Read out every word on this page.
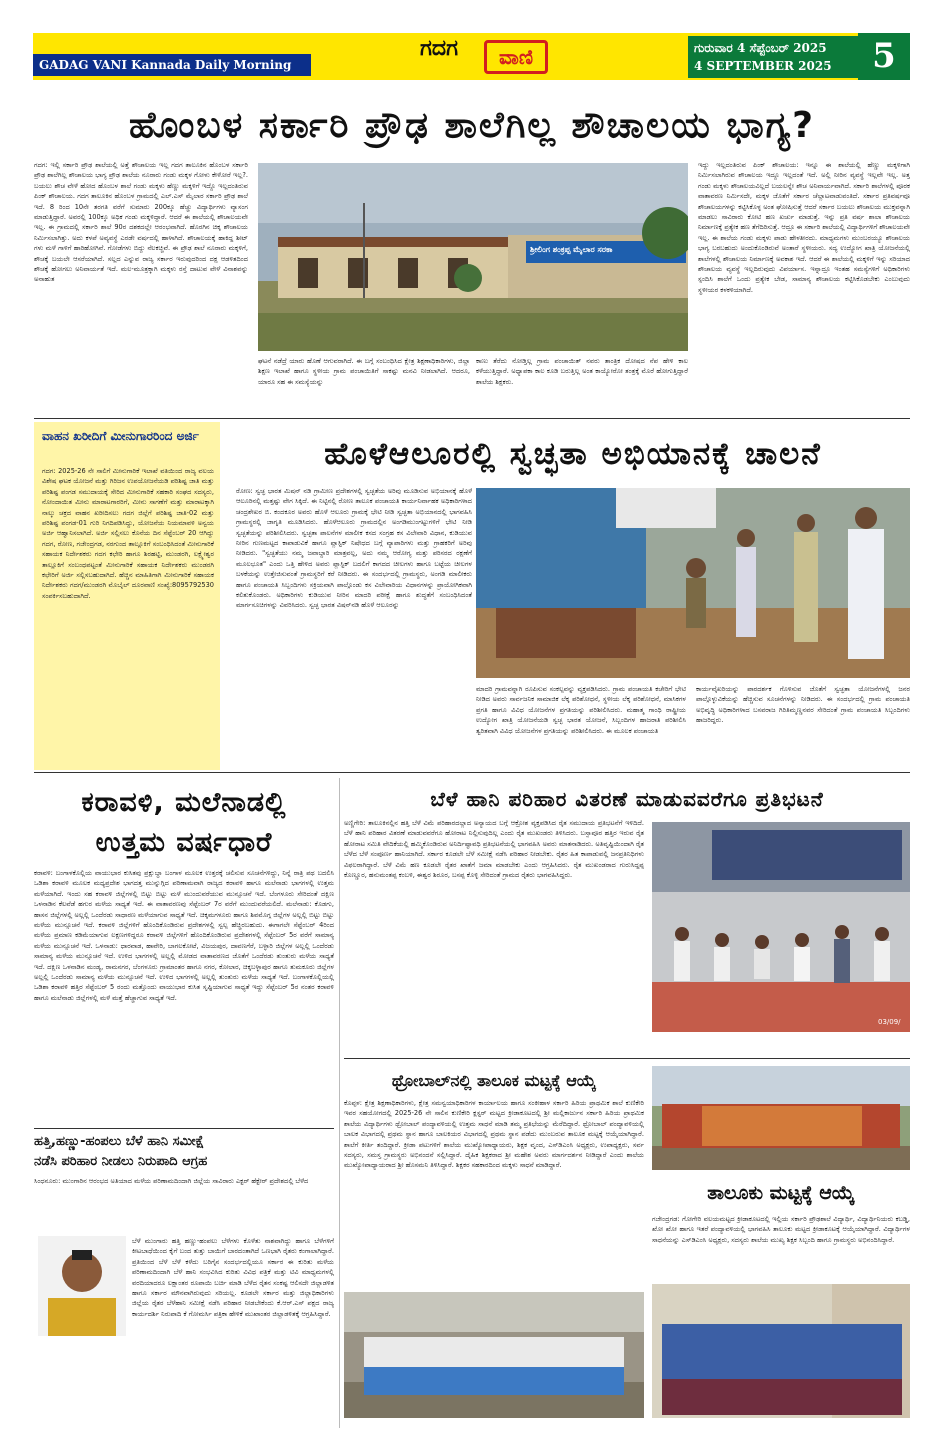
GADAG VANI Kannada Daily Morning
ಗದಗ	ವಾಣಿ	ಗುರುವಾರ 4 ಸೆಪ್ಟೆಂಬರ್ 2025
4 SEPTEMBER 2025	5
ಹೊಂಬಳ ಸರ್ಕಾರಿ ಪ್ರೌಢ ಶಾಲೆಗಿಲ್ಲ ಶೌಚಾಲಯ ಭಾಗ್ಯ?
ಗದಗ: ಇಲ್ಲಿ ಸರ್ಕಾರಿ ಪ್ರೌಢ ಶಾಲೆಯಲ್ಲಿ ಅತ್ತೆ ಶೌಚಾಲಯ ಇಲ್ಲ ಗದಗ ತಾಲೂಕಿನ ಹೊಂಬಳ ಸರ್ಕಾರಿ ಪ್ರೌಢ ಶಾಲೆಗಿಲ್ಲ ಶೌಚಾಲಯ ಭಾಗ್ಯ ಪ್ರೌಢ ಶಾಲೆಯ ನೂರಾರು ಗಂಡು ಮಕ್ಕಳ ಗೋಳು ಕೇಳೋರೆ ಇಲ್ಲ?. ಬಯಲು ಶೌಚ ವೇಳೆ ಹೋದ ಹೊಂಬಳ ಶಾಲೆ ಗಂಡು ಮಕ್ಕಳು ಹೆಣ್ಣು ಮಕ್ಕಳಿಗೆ ಇದ್ದೊ ಇಲ್ಲದಂತಿರುವ ಪಿಂಕ್ ಶೌಚಾಲಯ. ಗದಗ ತಾಲೂಕಿನ ಹೊಂಬಳ ಗ್ರಾಮದಲ್ಲಿ ಎಲ್.ಎಸ್ ಮೈಲಾರ ಸರ್ಕಾರಿ ಪ್ರೌಢ ಶಾಲೆ ಇದೆ. 8 ರಿಂದ 10ನೇ ತರಗತಿ ವರೆಗೆ ಸುಮಾರು 200ಕ್ಕೂ ಹೆಚ್ಚು ವಿದ್ಯಾರ್ಥಿಗಳು ವ್ಯಾಸಂಗ ಮಾಡುತ್ತಿದ್ದಾರೆ. ಅವರಲ್ಲಿ 100ಕ್ಕೂ ಅಧಿಕ ಗಂಡು ಮಕ್ಕಳಿದ್ದಾರೆ. ಆದರೆ ಈ ಶಾಲೆಯಲ್ಲಿ ಶೌಚಾಲಯವೇ ಇಲ್ಲ. ಈ ಗ್ರಾಮದಲ್ಲಿ ಸರ್ಕಾರಿ ಶಾಲೆ 90ರ ದಶಕದಲ್ಲೇ ಆರಂಭವಾಗಿದೆ. ಹೊರಗಿನ ಚಿಕ್ಕ ಶೌಚಾಲಯ ನಿರ್ಮಿಸಲಾಗಿತ್ತು. ಅದು ಕಳಪೆ ಅವ್ಯವಸ್ಥೆ ಎರಡೇ ವರ್ಷದಲ್ಲಿ ಹಾಳಾಗಿದೆ. ಶೌಚಾಲಯಕ್ಕೆ ಹಾಕಿದ್ದ ಶೀಟ್ ಗಳು ಮಳೆ ಗಾಳಿಗೆ ಹಾರಿಹೋಗಿವೆ. ಗೋಡೆಗಳು ಬಿದ್ದು ನೆಲಕಚ್ಚಿವೆ. ಈ ಪ್ರೌಢ ಶಾಲೆ ನೂರಾರು ಮಕ್ಕಳಿಗೆ, ಶೌಚಕ್ಕೆ ಬಯಲೇ ಆಸರೆಯಾಗಿದೆ. ಸಲ್ಲದ ಎನ್ನುವ ರಾಜ್ಯ ಸರ್ಕಾರ ಇರುವುದರಿಂದ ದಕ್ಷ ಆಡಳಿತದಿಂದ ಶೌಚಕ್ಕೆ ಹೋಗಲು ಅನಿವಾರ್ಯತೆ ಇದೆ. ಮಲ-ಮೂತ್ರಕ್ಕಾಗಿ ಮಕ್ಕಳು ರಸ್ತೆ ದಾಟುವ ವೇಳೆ ವಿನಾಶವನ್ನು ಅನಾಹುತ
ಶ್ರೀಲಿಂಗ ಶಂಕ್ರಪ್ಪ ಮೈಲಾರ ಸರಕಾ
ಘಟನೆ ನಡೆದ್ರೆ ಯಾರು ಹೊಣೆ ಆಗುವರಾಗಿದೆ. ಈ ಬಗ್ಗೆ ಸಂಬಂಧಿಸಿದ ಕ್ಷೇತ್ರ ಶಿಕ್ಷಣಾಧಿಕಾರಿಗಳು, ಜಿಲ್ಲಾ ಶಿಕ್ಷಣ ಇಲಾಖೆ ಹಾಗೂ ಸ್ಥಳೀಯ ಗ್ರಾಮ ಪಂಚಾಯಿತಿಗೆ ಸಾಕಷ್ಟು ಮನವಿ ನೀಡಲಾಗಿದೆ. ಆದರೂ, ಯಾರೂ ಸಹ ಈ ಸಮಸ್ಯೆಯನ್ನು
ಕಾಣು ತೆರೆದು ನೋಡ್ತಿಲ್ಲ ಗ್ರಾಮ ಪಂಚಾಯಿತ್ ನವರು ತಾಂತ್ರಿಕ ದೋಷದ ನೆಪ ಹೇಳಿ ಕಾಲ ಕಳೆಯುತ್ತಿದ್ದಾರೆ. ಅಧ್ಯಾಪಕಾ ಕಾಲ ಕೂಡಿ ಬರುತ್ತಿಲ್ಲ ಅಂತ ಕಾಯ್ಯೋರೋ ತಂತ್ರಕ್ಕೆ ಮೊರೆ ಹೋಗುತ್ತಿದ್ದಾರೆ ಶಾಲೆಯ ಶಿಕ್ಷಕರು.
ಇದ್ದು ಇಲ್ಲದಂತಿರುವ ಪಿಂಕ್ ಶೌಚಾಲಯ: ಇನ್ನೂ ಈ ಶಾಲೆಯಲ್ಲಿ ಹೆಣ್ಣು ಮಕ್ಕಳಿಗಾಗಿ ನಿರ್ಮಿಸಲಾಗಿರುವ ಶೌಚಾಲಯ ಇದ್ದೂ ಇಲ್ಲದಂತೆ ಇದೆ. ಅಲ್ಲಿ ನೀರಿನ ವ್ಯವಸ್ಥೆ ಇಲ್ಲವೇ ಇಲ್ಲ. ಅತ್ತ ಗಂಡು ಮಕ್ಕಳು ಶೌಚಾಲಯವಿಲ್ಲದೆ ಬಯಲನ್ನೇ ಶೌಚ ಅನಿವಾರ್ಯವಾಗಿದೆ. ಸರ್ಕಾರಿ ಶಾಲೆಗಳಲ್ಲಿ ಪೂರಕ ವಾತಾವರಣ ನಿರ್ಮಿಸದೇ, ಮಕ್ಕಳ ಜೊತೆಗೆ ಸರ್ಕಾರ ಚೆಲ್ಲಾಟವಾಡುವಂತಿದೆ. ಸರ್ಕಾರ ಪ್ರತಿವರ್ಷವೂ ಶೌಚಾಲಯಗಳನ್ನು ಕಟ್ಟಿಸಿಕೊಳ್ಳ ಅಂತ ಘೋಷಿಸುತ್ತೆ ಆದರೆ ಸರ್ಕಾರ ಬಯಲು ಶೌಚಾಲಯ ಮುಕ್ತವನ್ನಾಗಿ ಮಾಡಲು ಸಾವಿರಾರು ಕೋಟಿ ಹಣ ಖರ್ಚು ಮಾಡುತ್ತೆ. ಇನ್ನು ಪ್ರತಿ ವರ್ಷ ಶಾಲಾ ಶೌಚಾಲಯ ನಿರ್ಮಾಣಕ್ಕೆ ಪ್ರತ್ಯೇಕ ಹಣ ತೆಗೆದಿರಿಸುತ್ತೆ. ಆದ್ರೂ ಈ ಸರ್ಕಾರಿ ಶಾಲೆಯಲ್ಲಿ ವಿದ್ಯಾರ್ಥಿಗಳಿಗೆ ಶೌಚಾಲಯವೇ ಇಲ್ಲ. ಈ ಶಾಲೆಯ ಗಂಡು ಮಕ್ಕಳು ಪಾಡು ಹೇಳತೀರದು. ಮಾಧ್ಯಮಗಳು ಮುಂಬರಯ್ಯೂ ಶೌಚಾಲಯ ಭಾಗ್ಯ ಬರಬಹುದು ಅಂದುಕೊಂಡಿರುವೆ ಅಂತಾರೆ ಸ್ಥಳೀಯರು. ಸದ್ಯ ಉದ್ಯೋಗ ಖಾತ್ರಿ ಯೋಜನೆಯಲ್ಲಿ ಶಾಲೆಗಳಲ್ಲಿ ಶೌಚಾಲಯ ನಿರ್ಮಾಣಕ್ಕೆ ಅವಕಾಶ ಇದೆ. ಆದರೆ ಈ ಶಾಲೆಯಲ್ಲಿ ಮಕ್ಕಳಿಗೆ ಇನ್ನು ಸರಿಯಾದ ಶೌಚಾಲಯ ವ್ಯವಸ್ಥೆ ಇಲ್ಲದಿರುವುದು ವಿಪರ್ಯಾಸ. ಇನ್ನಾದ್ರೂ ಇಂತಹ ಸಮಸ್ಯೆಗಳಿಗೆ ಅಧಿಕಾರಿಗಳು ಸ್ಪಂದಿಸಿ ಶಾಲೆಗೆ ಒಂದು ಪ್ರತ್ಯೇಕ ಬೇಡ, ಸಾಮಾನ್ಯ ಶೌಚಾಲಯ ಕಟ್ಟಿಸಿಕೊಡಬೇಕು ಎಂಬುವುದು ಸ್ಥಳೀಯರ ಕಳಕಳಿಯಾಗಿದೆ.
ವಾಹನ ಖರೀದಿಗೆ ಮೀನುಗಾರರಿಂದ ಅರ್ಜಿ
ಗದಗ: 2025-26 ನೇ ಸಾಲಿಗೆ ಮೀನುಗಾರಿಕೆ ಇಲಾಖೆ ವತಿಯಿಂದ ರಾಜ್ಯ ವಲಯ ವಿಶೇಷ ಘಟಕ ಯೋಜನೆ ಮತ್ತು ಗಿರಿಜನ ಉಪಯೋಜನೆಯಡಿ ಪರಿಶಿಷ್ಟ ಜಾತಿ ಮತ್ತು ಪರಿಶಿಷ್ಟ ಪಂಗಡ ಸಮುದಾಯಕ್ಕೆ ಸೇರಿದ ಮೀನುಗಾರಿಕೆ ಸಹಕಾರಿ ಸಂಘದ ಸದಸ್ಯರು, ನೋಂದಾಯಿತ ಮೀನು ಮಾರಾಟಗಾರರಿಗೆ, ಮೀನು ಸಾಗಣೆಗೆ ಮತ್ತು ಮಾರಾಟಕ್ಕಾಗಿ ನಾಲ್ಕು ಚಕ್ರದ ವಾಹನ ಖರೀದಿಸಲು ಗದಗ ಜಿಲ್ಲೆಗೆ ಪರಿಶಿಷ್ಟ ಜಾತಿ-02 ಮತ್ತು ಪರಿಶಿಷ್ಟ ಪಂಗಡ-01 ಗುರಿ ನಿಗದಿಪಡಿಸಿದ್ದು, ಯೋಜನೆಯ ನಿಯಮಾವಳಿ ಅನ್ವಯ ಅರ್ಜಿ ಆಹ್ವಾನಿಸಲಾಗಿದೆ. ಅರ್ಜಿ ಸಲ್ಲಿಸಲು ಕೊನೆಯ ದಿನ ಸೆಪ್ಟೆಂಬರ್ 20 ಆಗಿದ್ದು ಗದಗ, ರೋಣ, ಗಜೇಂದ್ರಗಡ, ನರಗುಂದ ತಾಲ್ಲೂಕಿಗೆ ಸಂಬಂಧಿಸಿದಂತೆ ಮೀನುಗಾರಿಕೆ ಸಹಾಯಕ ನಿರ್ದೇಶಕರು ಗದಗ ಕಛೇರಿ ಹಾಗೂ ಶಿರಹಟ್ಟಿ, ಮುಂಡರಗಿ, ಲಕ್ಷ್ಮೇಶ್ವರ ತಾಲ್ಲೂಕಿಗೆ ಸಂಬಂಧಪಟ್ಟಂತೆ ಮೀನುಗಾರಿಕೆ ಸಹಾಯಕ ನಿರ್ದೇಶಕರು ಮುಂಡರಗಿ ಕಛೇರಿಗೆ ಅರ್ಜಿ ಸಲ್ಲಿಸಬಹುದಾಗಿದೆ. ಹೆಚ್ಚಿನ ಮಾಹಿತಿಗಾಗಿ ಮೀನುಗಾರಿಕೆ ಸಹಾಯಕ ನಿರ್ದೇಶಕರು ಗದಗ/ಮುಂಡರಗಿ ಮೊಬೈಲ್ ದೂರವಾಣಿ ಸಂಖ್ಯೆ:8095792530 ಸಂಪರ್ಕಿಸಬಹುದಾಗಿದೆ.
ಹೊಳೆಆಲೂರಲ್ಲಿ ಸ್ವಚ್ಛತಾ ಅಭಿಯಾನಕ್ಕೆ ಚಾಲನೆ
ರೋಣ: ಸ್ವಚ್ಛ ಭಾರತ ಮಿಷನ್ ನಡಿ ಗ್ರಾಮೀಣ ಪ್ರದೇಶಗಳಲ್ಲಿ ಸ್ವಚ್ಛತೆಯ ಅರಿವು ಮೂಡಿಸುವ ಅಭಿಯಾನಕ್ಕೆ ಹೊಳೆ ಆಲೂರಿನಲ್ಲಿ ಮತ್ತಷ್ಟು ವೇಗ ಸಿಕ್ಕಿದೆ. ಈ ನಿಟ್ಟಿನಲ್ಲಿ ರೋಣ ತಾಲೂಕ ಪಂಚಾಯತಿ ಕಾರ್ಯನಿರ್ವಾಹಕ ಅಧಿಕಾರಿಗಳಾದ ಚಂದ್ರಶೇಖರ ಬಿ. ಕಂದಕೂರ ಅವರು ಹೊಳೆ ಆಲೂರು ಗ್ರಾಮಕ್ಕೆ ಭೇಟಿ ನೀಡಿ ಸ್ವಚ್ಛತಾ ಅಭಿಯಾನದಲ್ಲಿ ಭಾಗವಹಿಸಿ ಗ್ರಾಮಸ್ಥರಲ್ಲಿ ಜಾಗೃತಿ ಮೂಡಿಸಿದರು. ಹೊಳೆಆಲೂರು ಗ್ರಾಮದಲ್ಲಿನ ಅಂಗಡಿಮುಂಗಟ್ಟುಗಳಿಗೆ ಭೇಟಿ ನೀಡಿ ಸ್ವಚ್ಛತೆಯನ್ನು ಪರಿಶೀಲಿಸಿದರು. ಸ್ವಚ್ಛತಾ ಪಾಲನೆಗಳ ಮಾಲೀಕ ಕಸದ ಸಂಗ್ರಹ ಕಸ ವಿಲೇವಾರಿ ವಿಧಾನ, ಕುಡಿಯುವ ನೀರಿನ ಗುಣಮಟ್ಟದ ಕಾಪಾಡುವಿಕೆ ಹಾಗೂ ಪ್ಲಾಸ್ಟಿಕ್ ನಿಷೇಧದ ಬಗ್ಗೆ ವ್ಯಾಪಾರಿಗಳು ಮತ್ತು ಗ್ರಾಹಕರಿಗೆ ಅರಿವು ನೀಡಿದರು. "ಸ್ವಚ್ಛತೆಯು ನಮ್ಮ ಜವಾಬ್ದಾರಿ ಮಾತ್ರವಲ್ಲ, ಅದು ನಮ್ಮ ಆರೋಗ್ಯ ಮತ್ತು ಪರಿಸರದ ರಕ್ಷಣೆಗೆ ಮೂಲಭೂತ" ಎಂದು ಒತ್ತಿ ಹೇಳಿದ ಅವರು ಪ್ಲಾಸ್ಟಿಕ್ ಬದಲಿಗೆ ಕಾಗದದ ಚೀಲಗಳು ಹಾಗೂ ಬಟ್ಟೆಯ ಚೀಲಗಳ ಬಳಕೆಯನ್ನು ಉತ್ತೇಜಿಸುವಂತೆ ಗ್ರಾಮಸ್ಥರಿಗೆ ಕರೆ ನೀಡಿದರು. ಈ ಸಂದರ್ಭದಲ್ಲಿ ಗ್ರಾಮಸ್ಥರು, ಅಂಗಡಿ ಮಾಲೀಕರು ಹಾಗೂ ಪಂಚಾಯತಿ ಸಿಬ್ಬಂದಿಗಳು ಸಕ್ರಿಯವಾಗಿ ಪಾಲ್ಗೊಂಡು ಕಸ ವಿಲೇವಾರಿಯ ವಿಧಾನಗಳನ್ನು ಪ್ರಾಯೋಗಿಕವಾಗಿ ಕಲಿತುಕೊಂಡರು. ಅಧಿಕಾರಿಗಳು ಕುಡಿಯುವ ನೀರಿನ ಮಾದರಿ ಪರೀಕ್ಷೆ ಹಾಗೂ ಶುದ್ಧತೆಗೆ ಸಂಬಂಧಿಸಿದಂತೆ ಮಾರ್ಗಸೂಚಿಗಳನ್ನು ವಿವರಿಸಿದರು. ಸ್ವಚ್ಛ ಭಾರತ ವಿಷನ್‌ನಡಿ ಹೊಳೆ ಆಲೂರನ್ನು
ಮಾದರಿ ಗ್ರಾಮವನ್ನಾಗಿ ರೂಪಿಸುವ ಸಂಕಲ್ಪವನ್ನು ವ್ಯಕ್ತಪಡಿಸಿದರು. ಗ್ರಾಮ ಪಂಚಾಯತಿ ಕಚೇರಿಗೆ ಭೇಟಿ ನೀಡಿದ ಅವರು ಸಾರ್ವಜನಿಕ ಸಾಮಾಜಿಕ ಲೆಕ್ಕ ಪರಿಶೋಧನೆ, ಸ್ಥಳೀಯ ಲೆಕ್ಕ ಪರಿಶೋಧನೆ, ಮಾಸಿಕಗಳ ಪ್ರಗತಿ ಹಾಗೂ ವಿವಿಧ ಯೋಜನೆಗಳ ಪ್ರಗತಿಯನ್ನು ಪರಿಶೀಲಿಸಿದರು. ಮಹಾತ್ಮ ಗಾಂಧಿ ರಾಷ್ಟ್ರೀಯ ಉದ್ಯೋಗ ಖಾತ್ರಿ ಯೋಜನೆಯಡಿ ಸ್ವಚ್ಛ ಭಾರತ ಯೋಜನೆ, ಸಿಬ್ಬಂದಿಗಳ ಹಾಜರಾತಿ ಪರಿಶೀಲಿಸಿ ತ್ವರಿತವಾಗಿ ವಿವಿಧ ಯೋಜನೆಗಳ ಪ್ರಗತಿಯನ್ನು ಪರಿಶೀಲಿಸಿದರು. ಈ ಮೂಲಕ ಪಂಚಾಯತಿ
ಕಾರ್ಯವೈಖರಿಯನ್ನು ಪಾರದರ್ಶಕ ಗೊಳಿಸುವ ಜೊತೆಗೆ ಸ್ವಚ್ಛತಾ ಯೋಜನೆಗಳಲ್ಲಿ ಜನರ ಪಾಲ್ಗೊಳ್ಳುವಿಕೆಯನ್ನು ಹೆಚ್ಚಿಸುವ ಸೂಚನೆಗಳನ್ನು ನೀಡಿದರು. ಈ ಸಂದರ್ಭದಲ್ಲಿ ಗ್ರಾಮ ಪಂಚಾಯತಿ ಅಭಿವೃದ್ಧಿ ಅಧಿಕಾರಿಗಳಾದ ಬಸವರಾಜ ಗಿರಿತಿಮ್ಮಣ್ಣನವರ ಸೇರಿದಂತೆ ಗ್ರಾಮ ಪಂಚಾಯತಿ ಸಿಬ್ಬಂದಿಗಳು ಹಾಜರಿದ್ದರು.
ಕರಾವಳಿ, ಮಲೆನಾಡಲ್ಲಿ
ಉತ್ತಮ ವರ್ಷಧಾರೆ
ಕರಾವಳಿ: ಬಂಗಾಳಕೊಲ್ಲಿಯ ವಾಯುಭಾರ ಕುಸಿತವು ಪ್ರಕ್ಷುಬ್ಧಾ ಬಂಗಾಳ ಮೂಲಕ ಉತ್ತರಕ್ಕೆ ಚಲಿಸುವ ಸೂಚನೆಗಳಿದ್ದು, ನಿನ್ನೆ ರಾತ್ರಿ ಪಥ ಬದಲಿಸಿ ಒಡಿಶಾ ಕರಾವಳಿ ಮೂಲಕ ಮಧ್ಯಪ್ರದೇಶ ಭಾಗದತ್ತ ಮುನ್ನುಗ್ಗಿದ ಪರಿಣಾಮವಾಗಿ ರಾಜ್ಯದ ಕರಾವಳಿ ಹಾಗೂ ಮಲೆನಾಡು ಭಾಗಗಳಲ್ಲಿ ಉತ್ತಮ ಮಳೆಯಾಗಿದೆ. ಇಂದು ಸಹ ಕರಾವಳಿ ಜಿಲ್ಲೆಗಳಲ್ಲಿ ಬಿಟ್ಟು ಬಿಟ್ಟು ಮಳೆ ಮುಂದುವರೆಯುವ ಮುನ್ಸೂಚನೆ ಇದೆ. ಬೆಂಗಳೂರು ಸೇರಿದಂತೆ ದಕ್ಷಿಣ ಒಳನಾಡಿನ ಕೆಲವೆಡೆ ಹಗುರ ಮಳೆಯ ಸಾಧ್ಯತೆ ಇದೆ. ಈ ವಾತಾವರಣವು ಸೆಪ್ಟೆಂಬರ್ 7ರ ವರೆಗೆ ಮುಂದುವರೆಯಲಿದೆ. ಮಲೆನಾಡು: ಕೊಡಗು, ಹಾಸನ ಜಿಲ್ಲೆಗಳಲ್ಲಿ ಅಲ್ಲಲ್ಲಿ ಒಂದೆರಡು ಸಾಧಾರಣ ಮಳೆಯಾಗುವ ಸಾಧ್ಯತೆ ಇದೆ. ಚಿಕ್ಕಮಗಳೂರು ಹಾಗೂ ಶಿವಮೊಗ್ಗ ಜಿಲ್ಲೆಗಳ ಅಲ್ಲಲ್ಲಿ ಬಿಟ್ಟು ಬಿಟ್ಟು ಮಳೆಯ ಮುನ್ಸೂಚನೆ ಇದೆ. ಕರಾವಳಿ ಜಿಲ್ಲೆಗಳಿಗೆ ಹೊಂದಿಕೊಂಡಿರುವ ಪ್ರದೇಶಗಳಲ್ಲಿ ಸ್ವಲ್ಪ ಹೆಚ್ಚಿರಬಹುದು. ಈಗಾಗಲೇ ಸೆಪ್ಟೆಂಬರ್ 4ರಿಂದ ಮಳೆಯ ಪ್ರಮಾಣ ಕಡಿಮೆಯಾಗುವ ಲಕ್ಷಣಗಳಿದ್ದರೂ ಕರಾವಳಿ ಜಿಲ್ಲೆಗಳಿಗೆ ಹೊಂದಿಕೊಂಡಿರುವ ಪ್ರದೇಶಗಳಲ್ಲಿ ಸೆಪ್ಟೆಂಬರ್ 5ರ ವರೆಗೆ ಸಾಮಾನ್ಯ ಮಳೆಯ ಮುನ್ಸೂಚನೆ ಇದೆ. ಒಳನಾಡು: ಧಾರವಾಡ, ಹಾವೇರಿ, ಬಾಗಲಕೋಟೆ, ವಿಜಯಪುರ, ದಾವಣಗೆರೆ, ಬಳ್ಳಾರಿ ಜಿಲ್ಲೆಗಳ ಅಲ್ಲಲ್ಲಿ ಒಂದೆರಡು ಸಾಮಾನ್ಯ ಮಳೆಯ ಮುನ್ಸೂಚನೆ ಇದೆ. ಉಳಿದ ಭಾಗಗಳಲ್ಲಿ ಅಲ್ಲಲ್ಲಿ ಮೋಡದ ವಾತಾವರಣದ ಜೊತೆಗೆ ಒಂದೆರಡು ತುಂತುರು ಮಳೆಯ ಸಾಧ್ಯತೆ ಇದೆ. ದಕ್ಷಿಣ ಒಳನಾಡಿನ ಮಂಡ್ಯ, ರಾಮನಗರ, ಬೆಂಗಳೂರು ಗ್ರಾಮಾಂತರ ಹಾಗೂ ನಗರ, ಕೋಲಾರ, ಚಿಕ್ಕಬಳ್ಳಾಪುರ ಹಾಗೂ ತುಮಕೂರು ಜಿಲ್ಲೆಗಳ ಅಲ್ಲಲ್ಲಿ ಒಂದೆರಡು ಸಾಮಾನ್ಯ ಮಳೆಯ ಮುನ್ಸೂಚನೆ ಇದೆ. ಉಳಿದ ಭಾಗಗಳಲ್ಲಿ ಅಲ್ಲಲ್ಲಿ ತುಂತುರು ಮಳೆಯ ಸಾಧ್ಯತೆ ಇದೆ. ಬಂಗಾಳಕೊಲ್ಲಿಯಲ್ಲಿ ಒಡಿಶಾ ಕರಾವಳಿ ಹತ್ತಿರ ಸೆಪ್ಟೆಂಬರ್ 5 ರಂದು ಮತ್ತೊಂದು ವಾಯುಭಾರ ಕುಸಿತ ಸೃಷ್ಟಿಯಾಗುವ ಸಾಧ್ಯತೆ ಇದ್ದು ಸೆಪ್ಟೆಂಬರ್ 5ರ ನಂತರ ಕರಾವಳಿ ಹಾಗೂ ಮಲೆನಾಡು ಜಿಲ್ಲೆಗಳಲ್ಲಿ ಮಳೆ ಮತ್ತೆ ಹೆಚ್ಚಾಗುವ ಸಾಧ್ಯತೆ ಇದೆ.
ಹತ್ತಿ,ಹಣ್ಣು-ಹಂಪಲು ಬೆಳೆ ಹಾನಿ ಸಮೀಕ್ಷೆ
ನಡೆಸಿ ಪರಿಹಾರ ನೀಡಲು ನಿರುಪಾದಿ ಆಗ್ರಹ
ಸಿಂಧನೂರು: ಮುಂಗಾರಿನ ಆರಂಭದ ಅತಿಯಾದ ಮಳೆಯ ಪರಿಣಾಮದಿಂದಾಗಿ ಜಿಲ್ಲೆಯ ಸಾವಿರಾರು ಎಕ್ಟರ್ ಹೆಕ್ಟೇರ್ ಪ್ರದೇಶದಲ್ಲಿ ಬೆಳೆದ
ಬೆಳೆ ಮುಂಗಾರು ಹತ್ತಿ ಹಣ್ಣು-ಹಂಪಲು ಬೆಳೆಗಳು ಕೊಳೆತು ನಾಶವಾಗಿದ್ದು ಹಾಗೂ ಬೆಳೆಗಳಿಗೆ ಕೀಟಬಾಧೆಯಿಂದ ಕೈಗೆ ಬಂದ ತುತ್ತು ಬಾಯಿಗೆ ಬಾರದಂತಾಗಿದೆ ಒಣಭಾಗಿ ರೈತರು ಕಂಗಾಲಾಗಿದ್ದಾರೆ. ಪ್ರತಿಯಿಂದ ಬೆಳೆ ಬೆಳೆ ಕಳೆದು ಬರಿಗೈನ ಸಂದರ್ಭದಲ್ಲಿಯೂ ಸರ್ಕಾರ ಈ ಕುರಿತು ಮಳೆಯ ಪರಿಣಾಮದಿಂದಾಗಿ ಬೆಳೆ ಹಾನಿ ಸಂಭವಿಸಿದ ಕುರಿತು ವಿವಿಧ ಪತ್ರಿಕೆ ಮತ್ತು ಟಿವಿ ಮಾಧ್ಯಮಗಳಲ್ಲಿ ವರದಿಯಾದರೂ ಲಕ್ಷಾಂತರ ರೂಪಾಯಿ ಬರ್ಚಿ ಮಾಡಿ ಬೆಳೆದ ರೈತನ ಸಂಕಷ್ಟ ಆಲಿಸದೇ ಜಿಲ್ಲಾಡಳಿತ ಹಾಗೂ ಸರ್ಕಾರ ಮೌನವಾಗಿರುವುದು ಸರಿಯಲ್ಲ. ಕೂಡಲೇ ಸರ್ಕಾರ ಮತ್ತು ಜಿಲ್ಲಾಧಿಕಾರಿಗಳು ಜಿಲ್ಲೆಯ ರೈತರ ಬೆಳೆಹಾನಿ ಸಮೀಕ್ಷೆ ನಡೆಸಿ ಪರಿಹಾರ ನೀಡಬೇಕೆಂದು ಕೆ.ಆರ್.ಎಸ್ ಪಕ್ಷದ ರಾಜ್ಯ ಕಾರ್ಯದರ್ಶಿ ನಿರುಪಾದಿ ಕೆ ಗೋಮರ್ಸಿ ಪತ್ರಿಕಾ ಹೇಳಿಕೆ ಮುಖಾಂತರ ಜಿಲ್ಲಾಡಳಿತಕ್ಕೆ ಆಗ್ರಹಿಸಿದ್ದಾರೆ.
ಬೆಳೆ ಹಾನಿ ಪರಿಹಾರ ವಿತರಣೆ ಮಾಡುವವರೆಗೂ ಪ್ರತಿಭಟನೆ
ಅಣ್ಣಿಗೇರಿ: ತಾಲೂಕಿನಲ್ಲಿನ ಹತ್ತಿ ಬೆಳೆ ವಿಮೆ ಪರಿಹಾರದಲ್ಲಾದ ಅನ್ಯಾಯದ ಬಗ್ಗೆ ಆಕ್ರೋಶ ವ್ಯಕ್ತಪಡಿಸಿದ ರೈತ ಸಮುದಾಯ ಪ್ರತಿಭಟನೆಗೆ ಇಳಿದಿದೆ. ಬೆಳೆ ಹಾನಿ ಪರಿಹಾರ ವಿತರಣೆ ಮಾಡುವವರೆಗೂ ಹೋರಾಟ ನಿಲ್ಲಿಸುವುದಿಲ್ಲ ಎಂದು ರೈತ ಮುಖಂಡರು ತಿಳಿಸಿದರು. ಬಸ್ಸಾಪೂರ ಹತ್ತಿರ ಇರುವ ರೈತ ಹೋರಾಟ ಸಮಿತಿ ವೇದಿಕೆಯಲ್ಲಿ ಹಮ್ಮಿಕೊಂಡಿರುವ ಅನಿರ್ದಿಷ್ಟಾವಧಿ ಪ್ರತಿಭಟನೆಯಲ್ಲಿ ಭಾಗವಹಿಸಿ ಅವರು ಮಾತನಾಡಿದರು. ಅತಿವೃಷ್ಟಿಯಿಂದಾಗಿ ರೈತ ಬೆಳೆದ ಬೆಳೆ ಸಂಪೂರ್ಣ ಹಾನಿಯಾಗಿದೆ. ಸರ್ಕಾರ ಕೂಡಲೇ ಬೆಳೆ ಸಮೀಕ್ಷೆ ನಡೆಸಿ ಪರಿಹಾರ ನೀಡಬೇಕು. ರೈತರ ಹಿತ ಕಾಪಾಡುವಲ್ಲಿ ಜನಪ್ರತಿನಿಧಿಗಳು ವಿಫಲರಾಗಿದ್ದಾರೆ. ಬೆಳೆ ವಿಮೆ ಹಣ ಕೂಡಲೇ ರೈತರ ಖಾತೆಗೆ ಜಮಾ ಮಾಡಬೇಕು ಎಂದು ಆಗ್ರಹಿಸಿದರು. ರೈತ ಮುಖಂಡರಾದ ಗುರುಸಿದ್ದಪ್ಪ ಕೊಣ್ಣೂರ, ಹನುಮಂತಪ್ಪ ಕಂಬಳಿ, ಈಶ್ವರ ಶಿರೂರ, ಬಸಪ್ಪ ಕೊಳ್ಳಿ ಸೇರಿದಂತೆ ಗ್ರಾಮದ ರೈತರು ಭಾಗವಹಿಸಿದ್ದರು.
03/09/
ಥ್ರೋಬಾಲ್‌ನಲ್ಲಿ ತಾಲೂಕ ಮಟ್ಟಕ್ಕೆ ಆಯ್ಕೆ
ಕೊಪ್ಪಳ: ಕ್ಷೇತ್ರ ಶಿಕ್ಷಣಾಧಿಕಾರಿಗಳು, ಕ್ಷೇತ್ರ ಸಮನ್ವಯಾಧಿಕಾರಿಗಳ ಕಾರ್ಯಾಲಯ ಹಾಗೂ ಸಂಕೀಹಾಳ ಸರ್ಕಾರಿ ಹಿರಿಯ ಪ್ರಾಥಮಿಕ ಶಾಲೆ ಕುಣಿಕೇರಿ ಇವರ ಸಹಯೋಗದಲ್ಲಿ 2025-26 ನೇ ಸಾಲಿನ ಕುಣಿಕೇರಿ ಕ್ಲಸ್ಟರ್ ಮಟ್ಟದ ಕ್ರೀಡಾಕೂಟದಲ್ಲಿ ಶ್ರೀ ಮಲ್ಲಿಕಾರ್ಜುನ ಸರ್ಕಾರಿ ಹಿರಿಯ ಪ್ರಾಥಮಿಕ ಶಾಲೆಯ ವಿದ್ಯಾರ್ಥಿಗಳು ಥ್ರೋಬಾಲ್ ಪಂದ್ಯಾವಳಿಯಲ್ಲಿ ಉತ್ತಮ ಸಾಧನೆ ಮಾಡಿ ತಮ್ಮ ಪ್ರತಿಭೆಯನ್ನು ಮೆರೆದಿದ್ದಾರೆ. ಥ್ರೋಬಾಲ್ ಪಂದ್ಯಾವಳಿಯಲ್ಲಿ ಬಾಲಕ ವಿಭಾಗದಲ್ಲಿ ಪ್ರಥಮ ಸ್ಥಾನ ಹಾಗೂ ಬಾಲಕಿಯರ ವಿಭಾಗದಲ್ಲಿ ಪ್ರಥಮ ಸ್ಥಾನ ಪಡೆದು ಮುಂಬರುವ ತಾಲೂಕ ಮಟ್ಟಕ್ಕೆ ಆಯ್ಕೆಯಾಗಿದ್ದಾರೆ. ಶಾಲೆಗೆ ಕೀರ್ತಿ ತಂದಿದ್ದಾರೆ. ಕ್ರೀಡಾ ಪಟುಗಳಿಗೆ ಶಾಲೆಯ ಮುಖ್ಯೋಪಾಧ್ಯಾಯರು, ಶಿಕ್ಷಕ ವೃಂದ, ಎಸ್‌ಡಿಎಂಸಿ ಅಧ್ಯಕ್ಷರು, ಉಪಾಧ್ಯಕ್ಷರು, ಸರ್ವ ಸದಸ್ಯರು, ಸಮಸ್ತ ಗ್ರಾಮಸ್ಥರು ಅಭಿನಂದನೆ ಸಲ್ಲಿಸಿದ್ದಾರೆ. ದೈಹಿಕ ಶಿಕ್ಷಕರಾದ ಶ್ರೀ ಮಹೇಶ ಅವರು ಮಾರ್ಗದರ್ಶನ ನೀಡಿದ್ದಾರೆ ಎಂದು ಶಾಲೆಯ ಮುಖ್ಯೋಪಾಧ್ಯಾಯರಾದ ಶ್ರೀ ಹೊಸಮನಿ ತಿಳಿಸಿದ್ದಾರೆ. ಶಿಕ್ಷಕರ ಸಹಕಾರದಿಂದ ಮಕ್ಕಳು ಸಾಧನೆ ಮಾಡಿದ್ದಾರೆ.
ತಾಲೂಕು ಮಟ್ಟಕ್ಕೆ ಆಯ್ಕೆ
ಗಜೇಂದ್ರಗಡ: ಗೋಗೇರಿ ವಲಯಮಟ್ಟದ ಕ್ರೀಡಾಕೂಟದಲ್ಲಿ ಇಲ್ಲಿಯ ಸರ್ಕಾರಿ ಪ್ರೌಢಶಾಲೆ ವಿದ್ಯಾರ್ಥಿ, ವಿದ್ಯಾರ್ಥಿನಿಯರು ಕಬಡ್ಡಿ, ಖೋ ಖೋ ಹಾಗೂ ಇತರೆ ಪಂದ್ಯಾವಳಿಯಲ್ಲಿ ಭಾಗವಹಿಸಿ ತಾಲೂಕು ಮಟ್ಟದ ಕ್ರೀಡಾಕೂಟಕ್ಕೆ ಆಯ್ಕೆಯಾಗಿದ್ದಾರೆ. ವಿದ್ಯಾರ್ಥಿಗಳ ಸಾಧನೆಯನ್ನು ಎಸ್‌ಡಿಎಂಸಿ ಅಧ್ಯಕ್ಷರು, ಸದಸ್ಯರು ಶಾಲೆಯ ಮುಖ್ಯ ಶಿಕ್ಷಕ ಸಿಬ್ಬಂದಿ ಹಾಗೂ ಗ್ರಾಮಸ್ಥರು ಅಭಿನಂದಿಸಿದ್ದಾರೆ.
